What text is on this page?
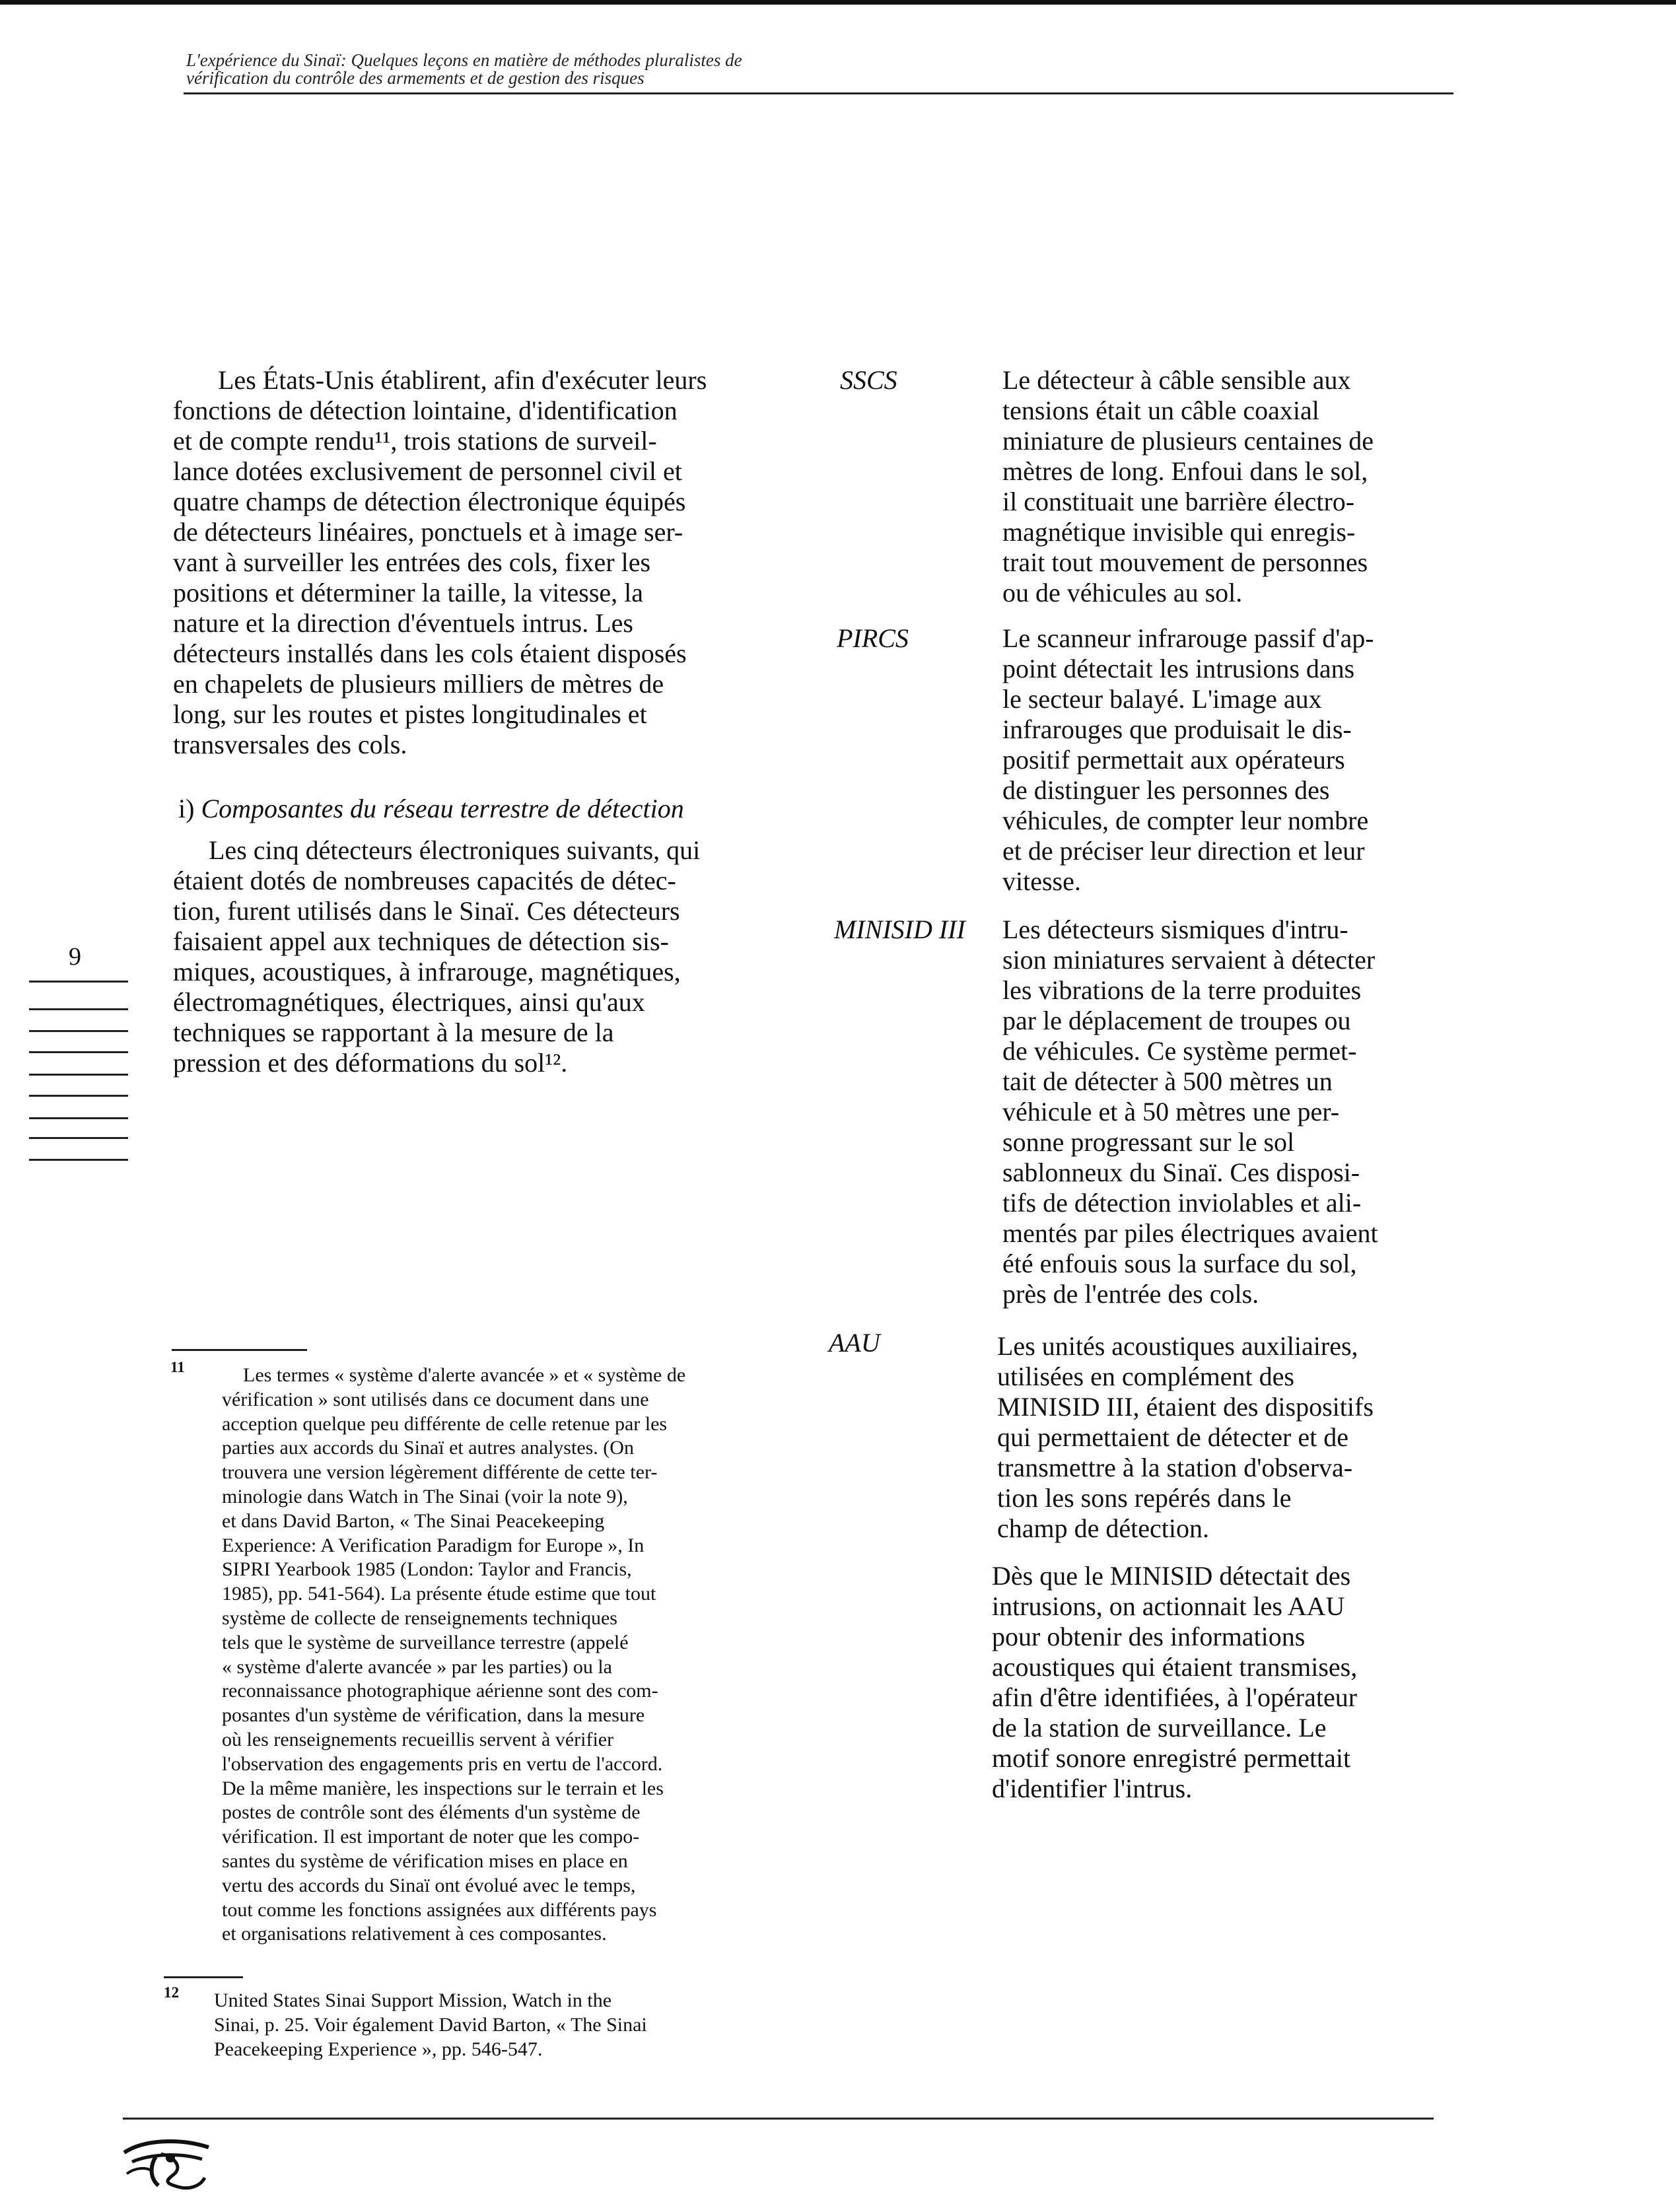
L'expérience du Sinaï: Quelques leçons en matière de méthodes pluralistes de
vérification du contrôle des armements et de gestion des risques
Les États-Unis établirent, afin d'exécuter leurs
fonctions de détection lointaine, d'identification
et de compte rendu¹¹, trois stations de surveil-
lance dotées exclusivement de personnel civil et
quatre champs de détection électronique équipés
de détecteurs linéaires, ponctuels et à image ser-
vant à surveiller les entrées des cols, fixer les
positions et déterminer la taille, la vitesse, la
nature et la direction d'éventuels intrus. Les
détecteurs installés dans les cols étaient disposés
en chapelets de plusieurs milliers de mètres de
long, sur les routes et pistes longitudinales et
transversales des cols.
i) Composantes du réseau terrestre de détection
Les cinq détecteurs électroniques suivants, qui
étaient dotés de nombreuses capacités de détec-
tion, furent utilisés dans le Sinaï. Ces détecteurs
faisaient appel aux techniques de détection sis-
miques, acoustiques, à infrarouge, magnétiques,
électromagnétiques, électriques, ainsi qu'aux
techniques se rapportant à la mesure de la
pression et des déformations du sol¹².
9
11	Les termes « système d'alerte avancée » et « système de
vérification » sont utilisés dans ce document dans une
acception quelque peu différente de celle retenue par les
parties aux accords du Sinaï et autres analystes. (On
trouvera une version légèrement différente de cette ter-
minologie dans Watch in The Sinai (voir la note 9),
et dans David Barton, « The Sinai Peacekeeping
Experience: A Verification Paradigm for Europe », In
SIPRI Yearbook 1985 (London: Taylor and Francis,
1985), pp. 541-564). La présente étude estime que tout
système de collecte de renseignements techniques
tels que le système de surveillance terrestre (appelé
« système d'alerte avancée » par les parties) ou la
reconnaissance photographique aérienne sont des com-
posantes d'un système de vérification, dans la mesure
où les renseignements recueillis servent à vérifier
l'observation des engagements pris en vertu de l'accord.
De la même manière, les inspections sur le terrain et les
postes de contrôle sont des éléments d'un système de
vérification. Il est important de noter que les compo-
santes du système de vérification mises en place en
vertu des accords du Sinaï ont évolué avec le temps,
tout comme les fonctions assignées aux différents pays
et organisations relativement à ces composantes.
12 United States Sinai Support Mission, Watch in the
Sinai, p. 25. Voir également David Barton, « The Sinai
Peacekeeping Experience », pp. 546-547.
SSCS	Le détecteur à câble sensible aux
tensions était un câble coaxial
miniature de plusieurs centaines de
mètres de long. Enfoui dans le sol,
il constituait une barrière électro-
magnétique invisible qui enregis-
trait tout mouvement de personnes
ou de véhicules au sol.
PIRCS	Le scanneur infrarouge passif d'ap-
point détectait les intrusions dans
le secteur balayé. L'image aux
infrarouges que produisait le dis-
positif permettait aux opérateurs
de distinguer les personnes des
véhicules, de compter leur nombre
et de préciser leur direction et leur
vitesse.
MINISID III Les détecteurs sismiques d'intru-
sion miniatures servaient à détecter
les vibrations de la terre produites
par le déplacement de troupes ou
de véhicules. Ce système permet-
tait de détecter à 500 mètres un
véhicule et à 50 mètres une per-
sonne progressant sur le sol
sablonneux du Sinaï. Ces disposi-
tifs de détection inviolables et ali-
mentés par piles électriques avaient
été enfouis sous la surface du sol,
près de l'entrée des cols.
AAU	Les unités acoustiques auxiliaires,
utilisées en complément des
MINISID III, étaient des dispositifs
qui permettaient de détecter et de
transmettre à la station d'observa-
tion les sons repérés dans le
champ de détection.
Dès que le MINISID détectait des
intrusions, on actionnait les AAU
pour obtenir des informations
acoustiques qui étaient transmises,
afin d'être identifiées, à l'opérateur
de la station de surveillance. Le
motif sonore enregistré permettait
d'identifier l'intrus.
